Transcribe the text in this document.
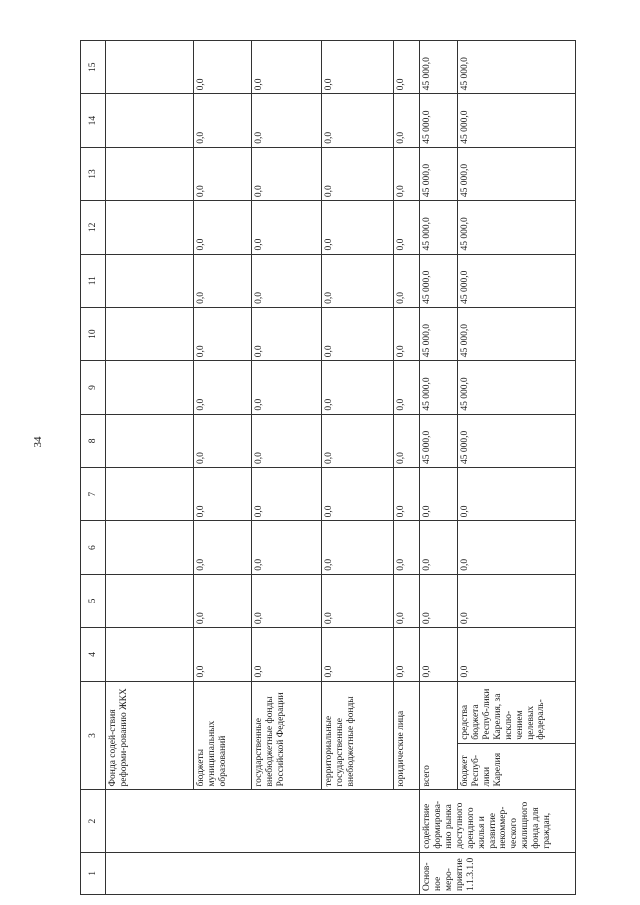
34
1	2	3		4	5	6	7	8	9	10	11	12	13	14	15
		Фонда содей-ствия реформи-рованию ЖКХ													
		бюджеты муниципальных образований		0,0	0,0	0,0	0,0	0,0	0,0	0,0	0,0	0,0	0,0	0,0	0,0
		государственные внебюджетные фонды Российской Федерации		0,0	0,0	0,0	0,0	0,0	0,0	0,0	0,0	0,0	0,0	0,0	0,0
		территориальные государственные внебюджетные фонды		0,0	0,0	0,0	0,0	0,0	0,0	0,0	0,0	0,0	0,0	0,0	0,0
		юридические лица		0,0	0,0	0,0	0,0	0,0	0,0	0,0	0,0	0,0	0,0	0,0	0,0
Основ-ное меро-приятие 1.1.3.1.0	содействие формирова-нию рынка доступного арендного жилья и развитие некоммер-ческого жилищного фонда для граждан,	всего		0,0	0,0	0,0	0,0	45 000,0	45 000,0	45 000,0	45 000,0	45 000,0	45 000,0	45 000,0	45 000,0
		бюджет Респуб-лики Карелия	средства бюджета Респуб-лики Карелия, за исклю-чением целевых федераль-	0,0	0,0	0,0	0,0	45 000,0	45 000,0	45 000,0	45 000,0	45 000,0	45 000,0	45 000,0	45 000,0
